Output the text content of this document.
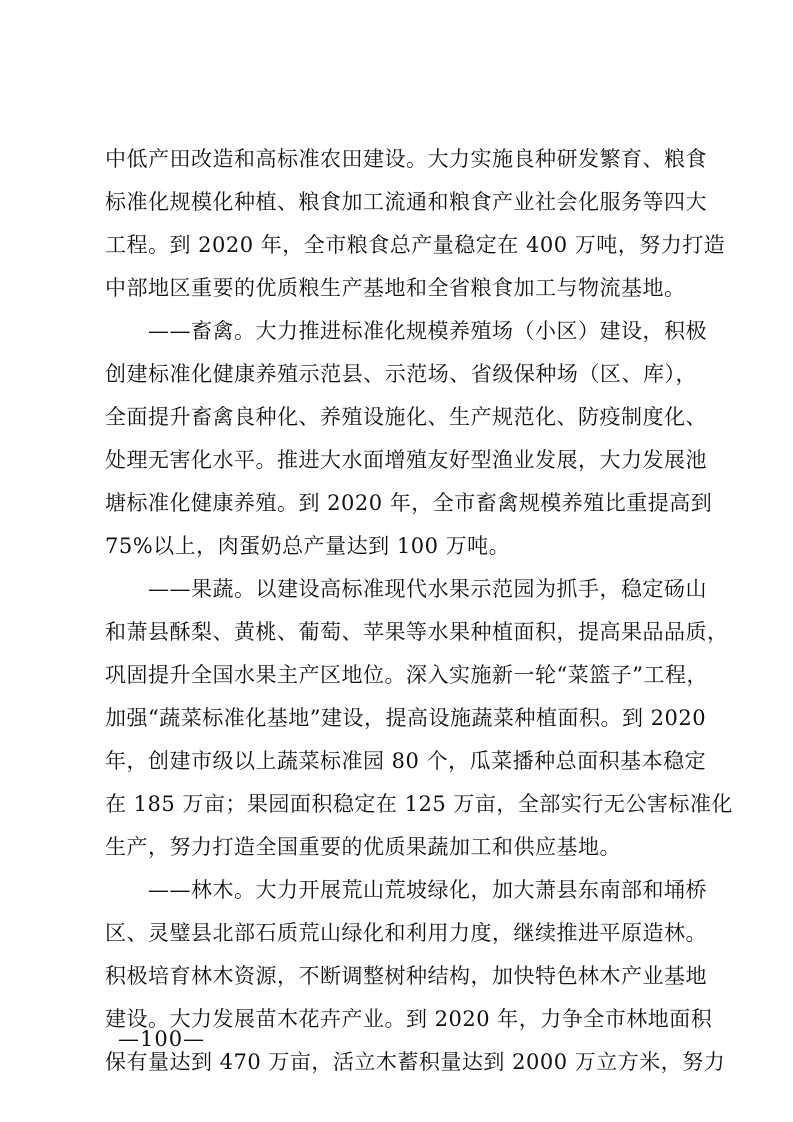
中低产田改造和高标准农田建设。大力实施良种研发繁育、粮食
标准化规模化种植、粮食加工流通和粮食产业社会化服务等四大
工程。到 2020 年，全市粮食总产量稳定在 400 万吨，努力打造
中部地区重要的优质粮生产基地和全省粮食加工与物流基地。
　　——畜禽。大力推进标准化规模养殖场（小区）建设，积极
创建标准化健康养殖示范县、示范场、省级保种场（区、库），
全面提升畜禽良种化、养殖设施化、生产规范化、防疫制度化、
处理无害化水平。推进大水面增殖友好型渔业发展，大力发展池
塘标准化健康养殖。到 2020 年，全市畜禽规模养殖比重提高到
75%以上，肉蛋奶总产量达到 100 万吨。
　　——果蔬。以建设高标准现代水果示范园为抓手，稳定砀山
和萧县酥梨、黄桃、葡萄、苹果等水果种植面积，提高果品品质，
巩固提升全国水果主产区地位。深入实施新一轮“菜篮子”工程，
加强“蔬菜标准化基地”建设，提高设施蔬菜种植面积。到 2020
年，创建市级以上蔬菜标准园 80 个，瓜菜播种总面积基本稳定
在 185 万亩；果园面积稳定在 125 万亩，全部实行无公害标准化
生产，努力打造全国重要的优质果蔬加工和供应基地。
　　——林木。大力开展荒山荒坡绿化，加大萧县东南部和埇桥
区、灵璧县北部石质荒山绿化和利用力度，继续推进平原造林。
积极培育林木资源，不断调整树种结构，加快特色林木产业基地
建设。大力发展苗木花卉产业。到 2020 年，力争全市林地面积
保有量达到 470 万亩，活立木蓄积量达到 2000 万立方米，努力
—100—
